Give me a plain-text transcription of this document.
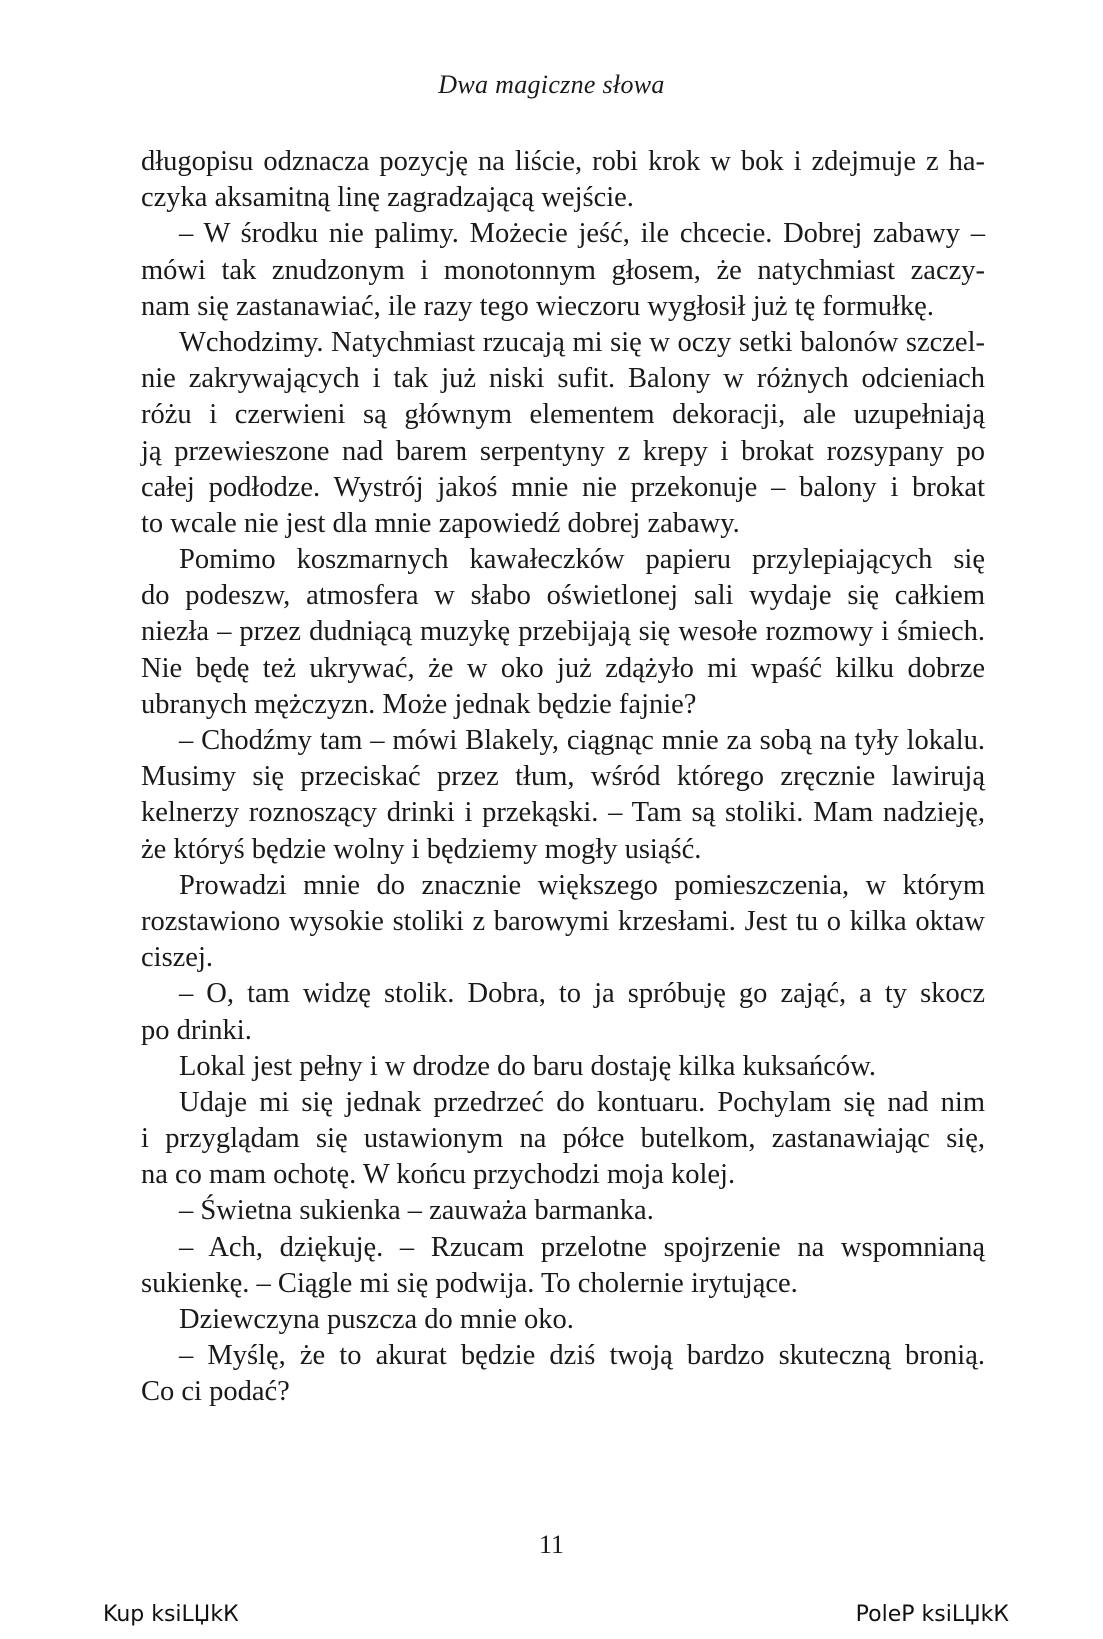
Dwa magiczne słowa
długopisu odznacza pozycję na liście, robi krok w bok i zdejmuje z ha-
czyka aksamitną linę zagradzającą wejście.
– W środku nie palimy. Możecie jeść, ile chcecie. Dobrej zabawy –
mówi tak znudzonym i monotonnym głosem, że natychmiast zaczy-
nam się zastanawiać, ile razy tego wieczoru wygłosił już tę formułkę.
Wchodzimy. Natychmiast rzucają mi się w oczy setki balonów szczel-
nie zakrywających i tak już niski sufit. Balony w różnych odcieniach
różu i czerwieni są głównym elementem dekoracji, ale uzupełniają
ją przewieszone nad barem serpentyny z krepy i brokat rozsypany po
całej podłodze. Wystrój jakoś mnie nie przekonuje – balony i brokat
to wcale nie jest dla mnie zapowiedź dobrej zabawy.
Pomimo koszmarnych kawałeczków papieru przylepiających się
do podeszw, atmosfera w słabo oświetlonej sali wydaje się całkiem
niezła – przez dudniącą muzykę przebijają się wesołe rozmowy i śmiech.
Nie będę też ukrywać, że w oko już zdążyło mi wpaść kilku dobrze
ubranych mężczyzn. Może jednak będzie fajnie?
– Chodźmy tam – mówi Blakely, ciągnąc mnie za sobą na tyły lokalu.
Musimy się przeciskać przez tłum, wśród którego zręcznie lawirują
kelnerzy roznoszący drinki i przekąski. – Tam są stoliki. Mam nadzieję,
że któryś będzie wolny i będziemy mogły usiąść.
Prowadzi mnie do znacznie większego pomieszczenia, w którym
rozstawiono wysokie stoliki z barowymi krzesłami. Jest tu o kilka oktaw
ciszej.
– O, tam widzę stolik. Dobra, to ja spróbuję go zająć, a ty skocz
po drinki.
Lokal jest pełny i w drodze do baru dostaję kilka kuksańców.
Udaje mi się jednak przedrzeć do kontuaru. Pochylam się nad nim
i przyglądam się ustawionym na półce butelkom, zastanawiając się,
na co mam ochotę. W końcu przychodzi moja kolej.
– Świetna sukienka – zauważa barmanka.
– Ach, dziękuję. – Rzucam przelotne spojrzenie na wspomnianą
sukienkę. – Ciągle mi się podwija. To cholernie irytujące.
Dziewczyna puszcza do mnie oko.
– Myślę, że to akurat będzie dziś twoją bardzo skuteczną bronią.
Co ci podać?
11
Kup ksiLЏkК	PoleР ksiLЏkК
